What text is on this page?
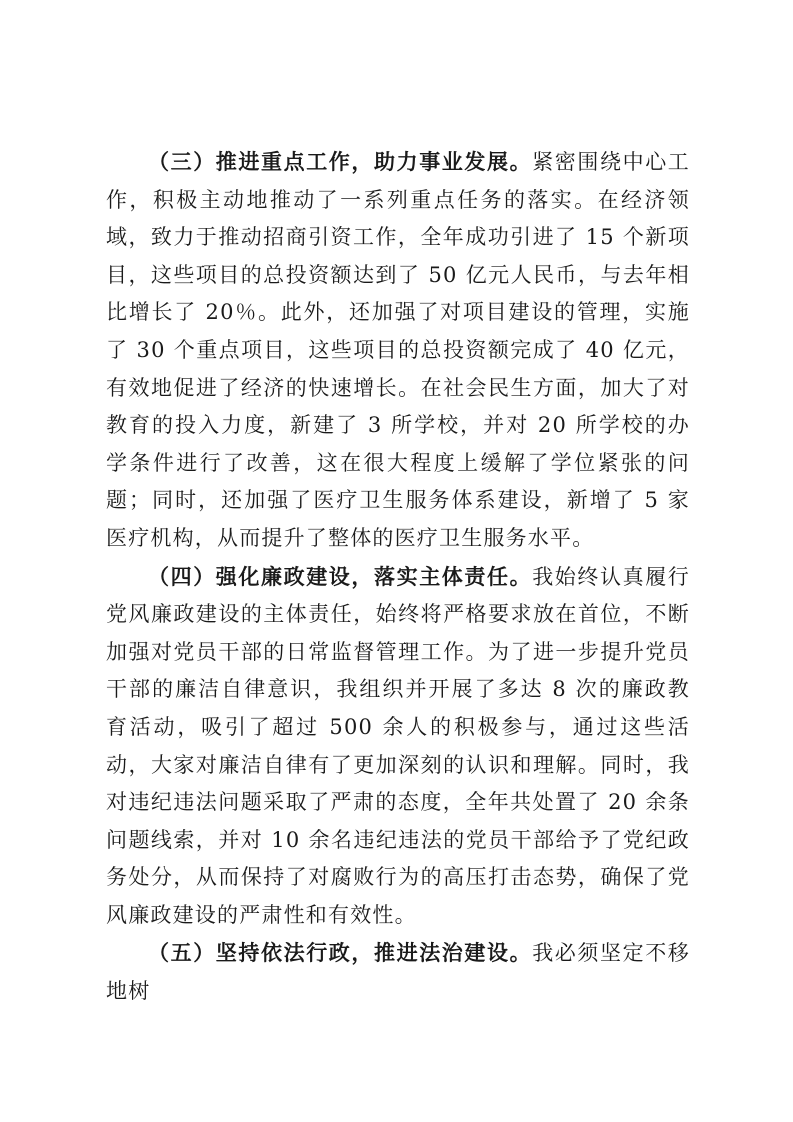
（三）推进重点工作，助力事业发展。紧密围绕中心工作，积极主动地推动了一系列重点任务的落实。在经济领域，致力于推动招商引资工作，全年成功引进了 15 个新项目，这些项目的总投资额达到了 50 亿元人民币，与去年相比增长了 20％。此外，还加强了对项目建设的管理，实施了 30 个重点项目，这些项目的总投资额完成了 40 亿元，有效地促进了经济的快速增长。在社会民生方面，加大了对教育的投入力度，新建了 3 所学校，并对 20 所学校的办学条件进行了改善，这在很大程度上缓解了学位紧张的问题；同时，还加强了医疗卫生服务体系建设，新增了 5 家医疗机构，从而提升了整体的医疗卫生服务水平。

（四）强化廉政建设，落实主体责任。我始终认真履行党风廉政建设的主体责任，始终将严格要求放在首位，不断加强对党员干部的日常监督管理工作。为了进一步提升党员干部的廉洁自律意识，我组织并开展了多达 8 次的廉政教育活动，吸引了超过 500 余人的积极参与，通过这些活动，大家对廉洁自律有了更加深刻的认识和理解。同时，我对违纪违法问题采取了严肃的态度，全年共处置了 20 余条问题线索，并对 10 余名违纪违法的党员干部给予了党纪政务处分，从而保持了对腐败行为的高压打击态势，确保了党风廉政建设的严肃性和有效性。

（五）坚持依法行政，推进法治建设。我必须坚定不移地树
